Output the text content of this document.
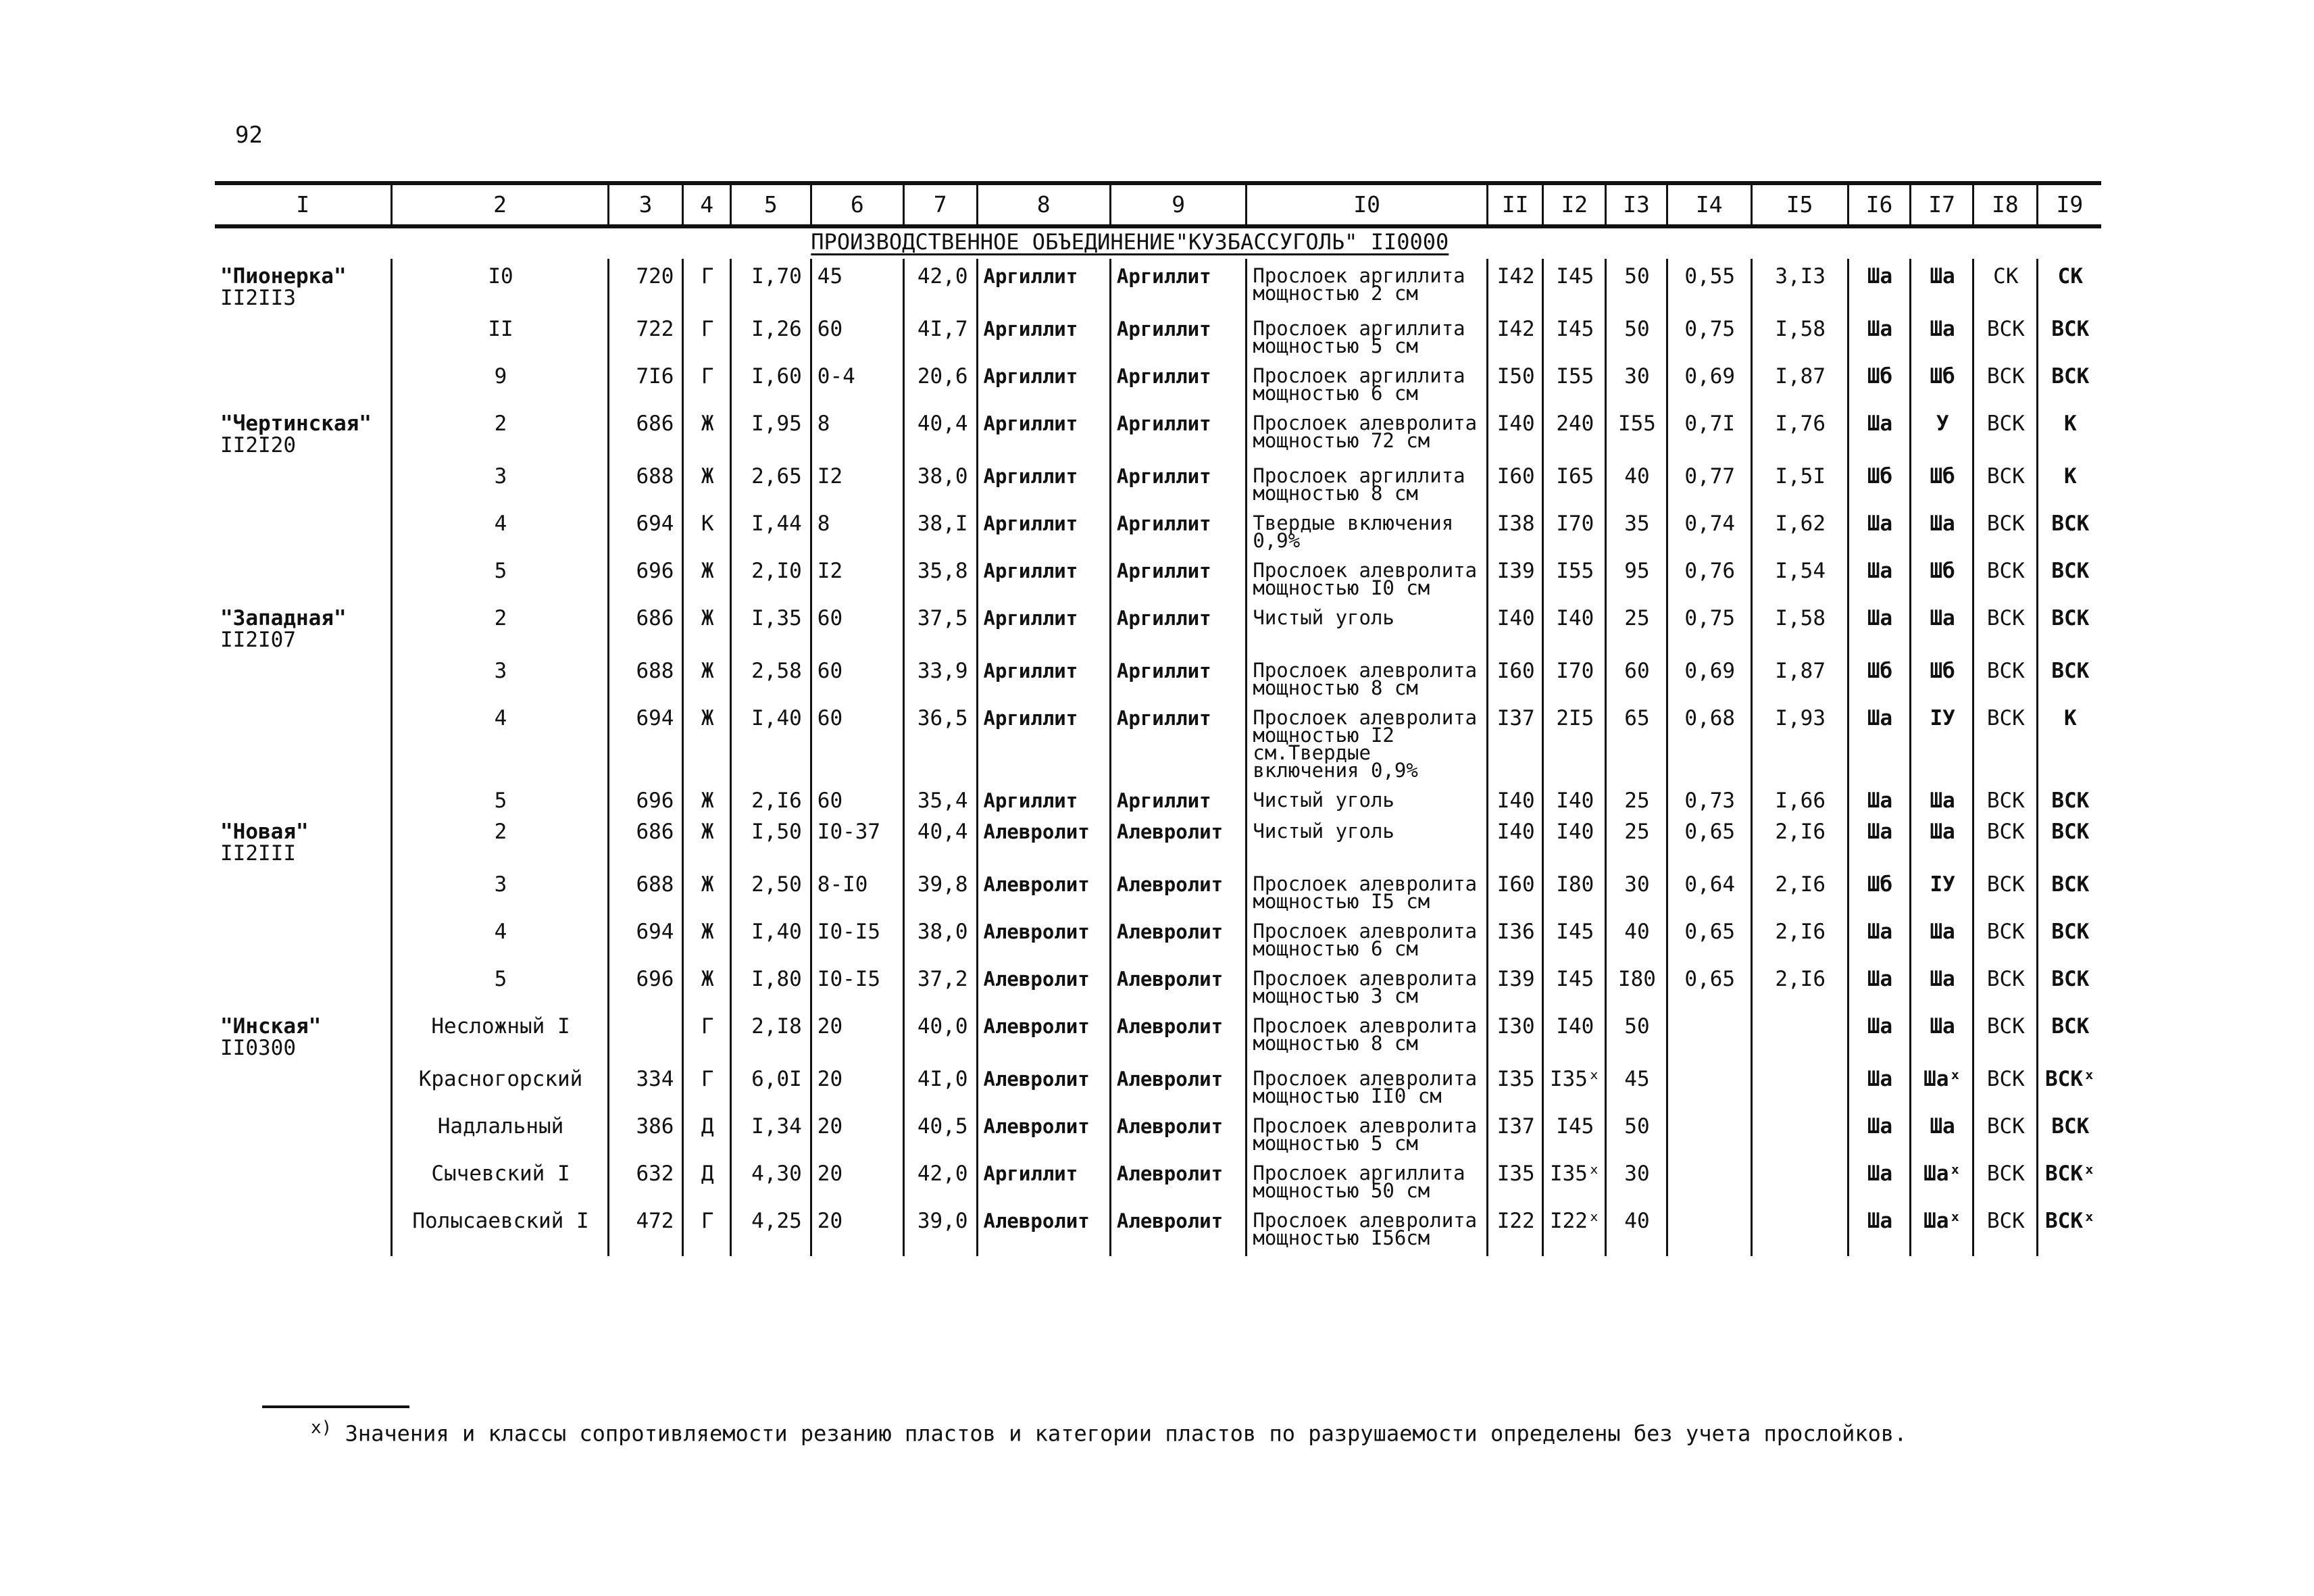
92
I	2	3	4	5	6	7	8	9	I0	II	I2	I3	I4	I5	I6	I7	I8	I9
					ПРОИЗВОДСТВЕННОЕ ОБЪЕДИНЕНИЕ"КУЗБАССУГОЛЬ" II0000													
"Пионерка"
II2II3	I0	720	Г	I,70	45	42,0	Аргиллит	Аргиллит	Прослоек аргиллита мощностью 2 см	I42	I45	50	0,55	3,I3	Ша	Ша	СК	СК

	II	722	Г	I,26	60	4I,7	Аргиллит	Аргиллит	Прослоек аргиллита мощностью 5 см	I42	I45	50	0,75	I,58	Ша	Ша	ВСК	ВСК

	9	7I6	Г	I,60	0-4	20,6	Аргиллит	Аргиллит	Прослоек аргиллита мощностью 6 см	I50	I55	30	0,69	I,87	Шб	Шб	ВСК	ВСК
"Чертинская"
II2I20	2	686	Ж	I,95	8	40,4	Аргиллит	Аргиллит	Прослоек алевролита мощностью 72 см	I40	240	I55	0,7I	I,76	Ша	У	ВСК	К

	3	688	Ж	2,65	I2	38,0	Аргиллит	Аргиллит	Прослоек аргиллита мощностью 8 см	I60	I65	40	0,77	I,5I	Шб	Шб	ВСК	К

	4	694	К	I,44	8	38,I	Аргиллит	Аргиллит	Твердые включения 0,9%	I38	I70	35	0,74	I,62	Ша	Ша	ВСК	ВСК

	5	696	Ж	2,I0	I2	35,8	Аргиллит	Аргиллит	Прослоек алевролита мощностью I0 см	I39	I55	95	0,76	I,54	Ша	Шб	ВСК	ВСК
"Западная"
II2I07	2	686	Ж	I,35	60	37,5	Аргиллит	Аргиллит	Чистый уголь	I40	I40	25	0,75	I,58	Ша	Ша	ВСК	ВСК

	3	688	Ж	2,58	60	33,9	Аргиллит	Аргиллит	Прослоек алевролита мощностью 8 см	I60	I70	60	0,69	I,87	Шб	Шб	ВСК	ВСК

	4	694	Ж	I,40	60	36,5	Аргиллит	Аргиллит	Прослоек алевролита мощностью I2 см.Твердые включения 0,9%	I37	2I5	65	0,68	I,93	Ша	IУ	ВСК	К

	5	696	Ж	2,I6	60	35,4	Аргиллит	Аргиллит	Чистый уголь	I40	I40	25	0,73	I,66	Ша	Ша	ВСК	ВСК
"Новая"
II2III	2	686	Ж	I,50	I0-37	40,4	Алевролит	Алевролит	Чистый уголь	I40	I40	25	0,65	2,I6	Ша	Ша	ВСК	ВСК

	3	688	Ж	2,50	8-I0	39,8	Алевролит	Алевролит	Прослоек алевролита мощностью I5 см	I60	I80	30	0,64	2,I6	Шб	IУ	ВСК	ВСК

	4	694	Ж	I,40	I0-I5	38,0	Алевролит	Алевролит	Прослоек алевролита мощностью 6 см	I36	I45	40	0,65	2,I6	Ша	Ша	ВСК	ВСК

	5	696	Ж	I,80	I0-I5	37,2	Алевролит	Алевролит	Прослоек алевролита мощностью 3 см	I39	I45	I80	0,65	2,I6	Ша	Ша	ВСК	ВСК
"Инская"
II0300	Несложный I		Г	2,I8	20	40,0	Алевролит	Алевролит	Прослоек алевролита мощностью 8 см	I30	I40	50			Ша	Ша	ВСК	ВСК

	Красногорский	334	Г	6,0I	20	4I,0	Алевролит	Алевролит	Прослоек алевролита мощностью II0 см	I35	I35ˣ	45			Ша	Шаˣ	ВСК	ВСКˣ

	Надлальный	386	Д	I,34	20	40,5	Алевролит	Алевролит	Прослоек алевролита мощностью 5 см	I37	I45	50			Ша	Ша	ВСК	ВСК

	Сычевский I	632	Д	4,30	20	42,0	Аргиллит	Алевролит	Прослоек аргиллита мощностью 50 см	I35	I35ˣ	30			Ша	Шаˣ	ВСК	ВСКˣ

	Полысаевский I	472	Г	4,25	20	39,0	Алевролит	Алевролит	Прослоек алевролита мощностью I56см	I22	I22ˣ	40			Ша	Шаˣ	ВСК	ВСКˣ
$^{x)}$ Значения и классы сопротивляемости резанию пластов и категории пластов по разрушаемости определены без учета прослойков.
